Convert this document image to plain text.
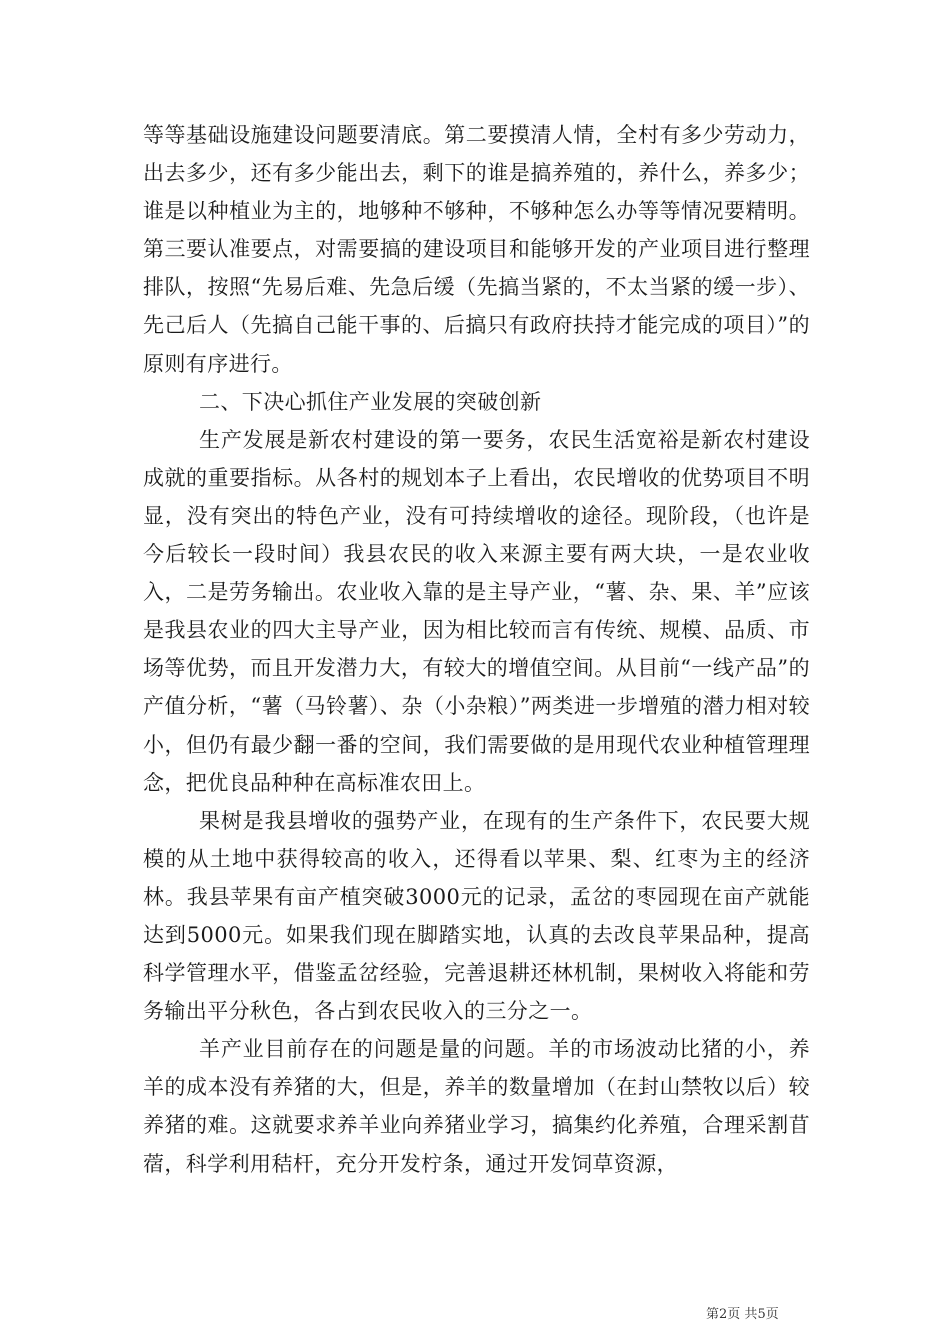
等等基础设施建设问题要清底。第二要摸清人情，全村有多少劳动力，出去多少，还有多少能出去，剩下的谁是搞养殖的，养什么，养多少；谁是以种植业为主的，地够种不够种，不够种怎么办等等情况要精明。第三要认准要点，对需要搞的建设项目和能够开发的产业项目进行整理排队，按照“先易后难、先急后缓（先搞当紧的，不太当紧的缓一步）、先己后人（先搞自己能干事的、后搞只有政府扶持才能完成的项目）”的原则有序进行。

二、下决心抓住产业发展的突破创新

生产发展是新农村建设的第一要务，农民生活宽裕是新农村建设成就的重要指标。从各村的规划本子上看出，农民增收的优势项目不明显，没有突出的特色产业，没有可持续增收的途径。现阶段，（也许是今后较长一段时间）我县农民的收入来源主要有两大块，一是农业收入，二是劳务输出。农业收入靠的是主导产业，“薯、杂、果、羊”应该是我县农业的四大主导产业，因为相比较而言有传统、规模、品质、市场等优势，而且开发潜力大，有较大的增值空间。从目前“一线产品”的产值分析，“薯（马铃薯）、杂（小杂粮）”两类进一步增殖的潜力相对较小，但仍有最少翻一番的空间，我们需要做的是用现代农业种植管理理念，把优良品种种在高标准农田上。

果树是我县增收的强势产业，在现有的生产条件下，农民要大规模的从土地中获得较高的收入，还得看以苹果、梨、红枣为主的经济林。我县苹果有亩产植突破3000元的记录，孟岔的枣园现在亩产就能达到5000元。如果我们现在脚踏实地，认真的去改良苹果品种，提高科学管理水平，借鉴孟岔经验，完善退耕还林机制，果树收入将能和劳务输出平分秋色，各占到农民收入的三分之一。

羊产业目前存在的问题是量的问题。羊的市场波动比猪的小，养羊的成本没有养猪的大，但是，养羊的数量增加（在封山禁牧以后）较养猪的难。这就要求养羊业向养猪业学习，搞集约化养殖，合理采割苜蓿，科学利用秸杆，充分开发柠条，通过开发饲草资源，

第2页 共5页
